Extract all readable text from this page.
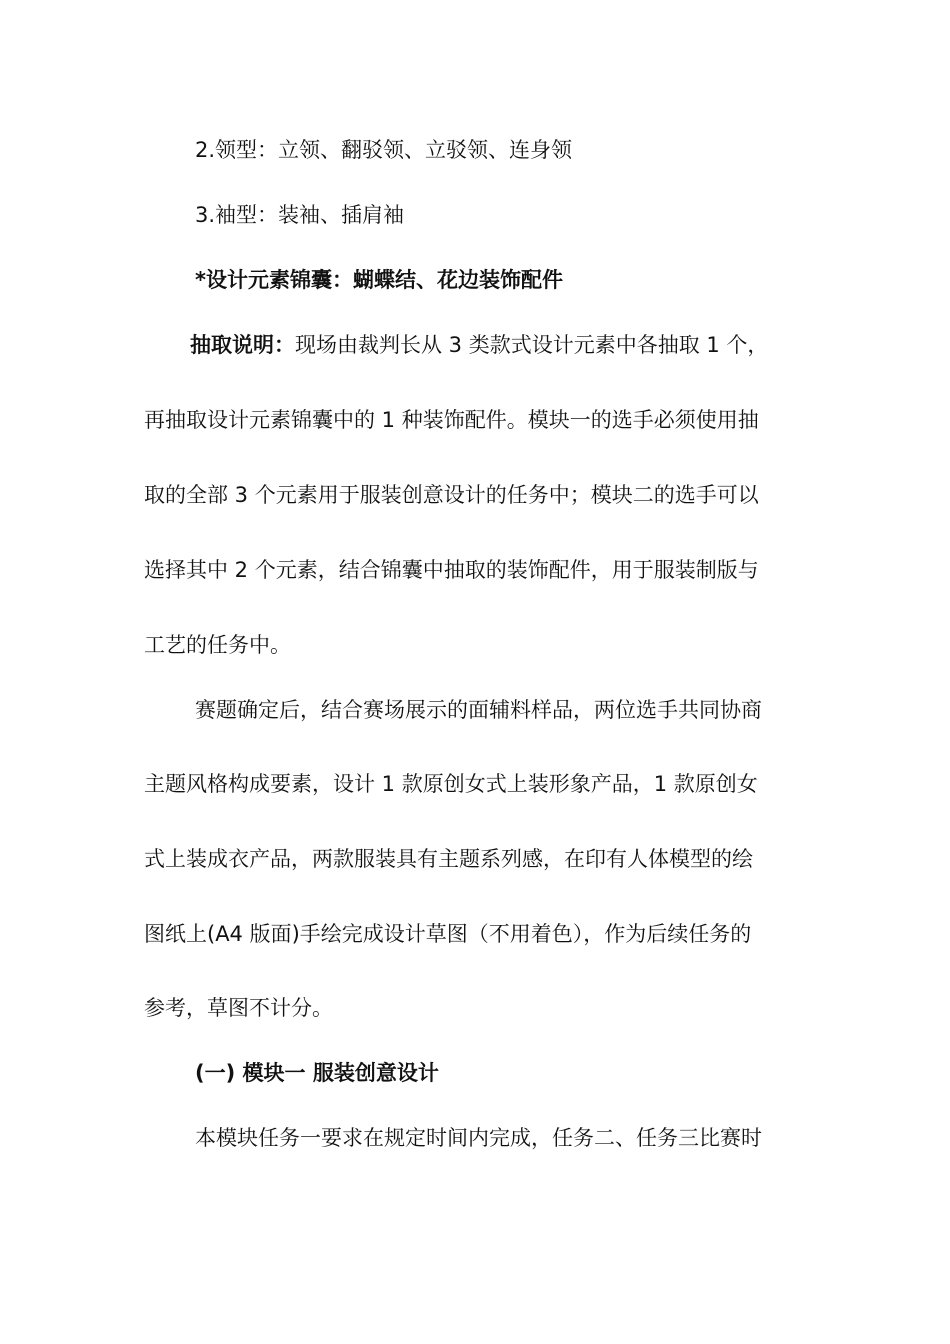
2.领型：立领、翻驳领、立驳领、连身领
3.袖型：装袖、插肩袖
*设计元素锦囊：蝴蝶结、花边装饰配件
抽取说明：现场由裁判长从 3 类款式设计元素中各抽取 1 个，
再抽取设计元素锦囊中的 1 种装饰配件。模块一的选手必须使用抽
取的全部 3 个元素用于服装创意设计的任务中；模块二的选手可以
选择其中 2 个元素，结合锦囊中抽取的装饰配件，用于服装制版与
工艺的任务中。
赛题确定后，结合赛场展示的面辅料样品，两位选手共同协商
主题风格构成要素，设计 1 款原创女式上装形象产品，1 款原创女
式上装成衣产品，两款服装具有主题系列感，在印有人体模型的绘
图纸上(A4 版面)手绘完成设计草图（不用着色），作为后续任务的
参考，草图不计分。
(一) 模块一 服装创意设计
本模块任务一要求在规定时间内完成，任务二、任务三比赛时
